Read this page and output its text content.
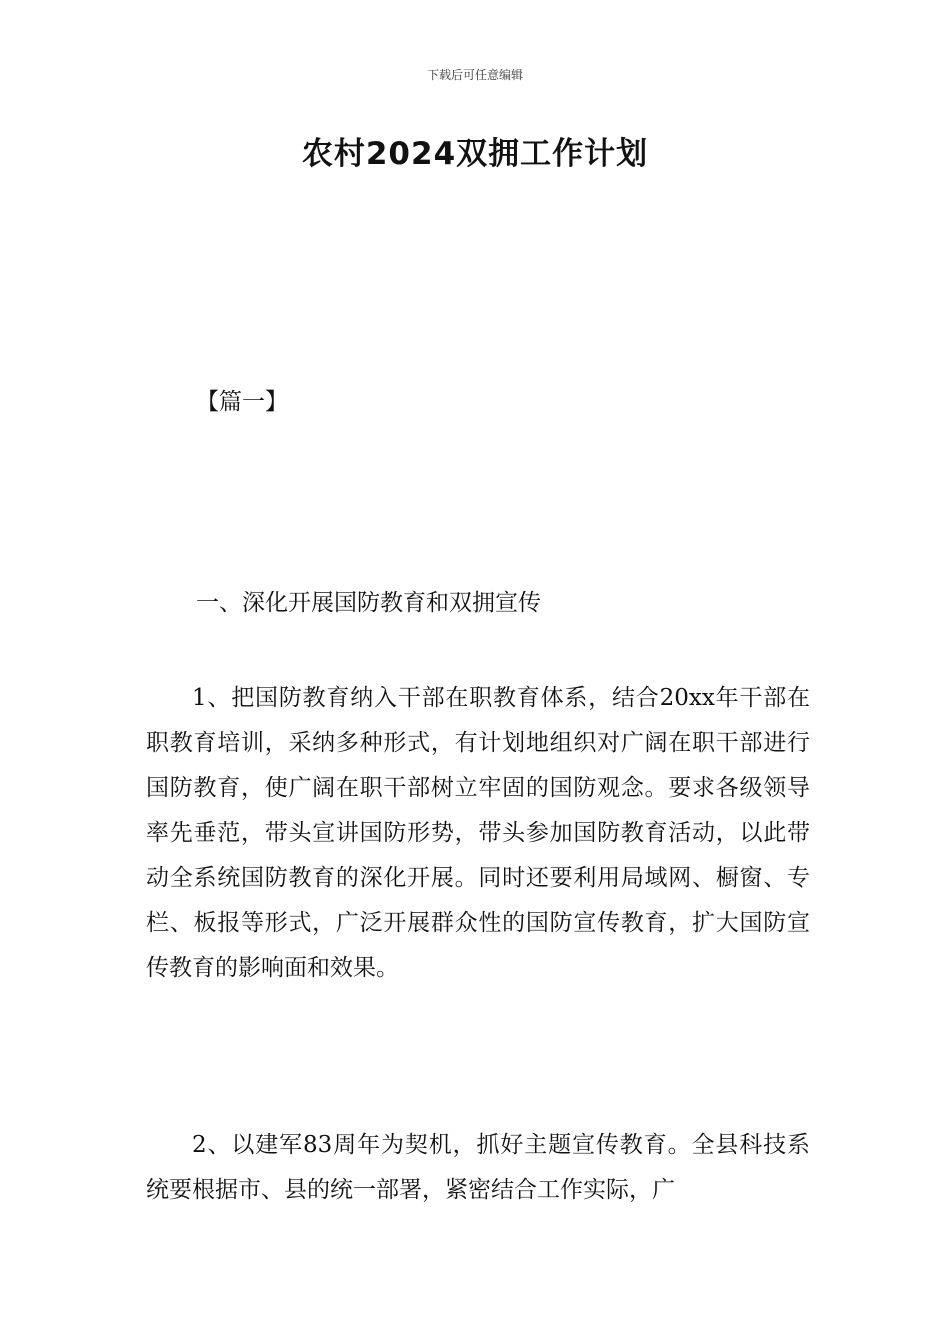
下载后可任意编辑
农村2024双拥工作计划
【篇一】
一、深化开展国防教育和双拥宣传

1、把国防教育纳入干部在职教育体系，结合20xx年干部在职教育培训，采纳多种形式，有计划地组织对广阔在职干部进行国防教育，使广阔在职干部树立牢固的国防观念。要求各级领导率先垂范，带头宣讲国防形势，带头参加国防教育活动，以此带动全系统国防教育的深化开展。同时还要利用局域网、橱窗、专栏、板报等形式，广泛开展群众性的国防宣传教育，扩大国防宣传教育的影响面和效果。

2、以建军83周年为契机，抓好主题宣传教育。全县科技系统要根据市、县的统一部署，紧密结合工作实际，广
